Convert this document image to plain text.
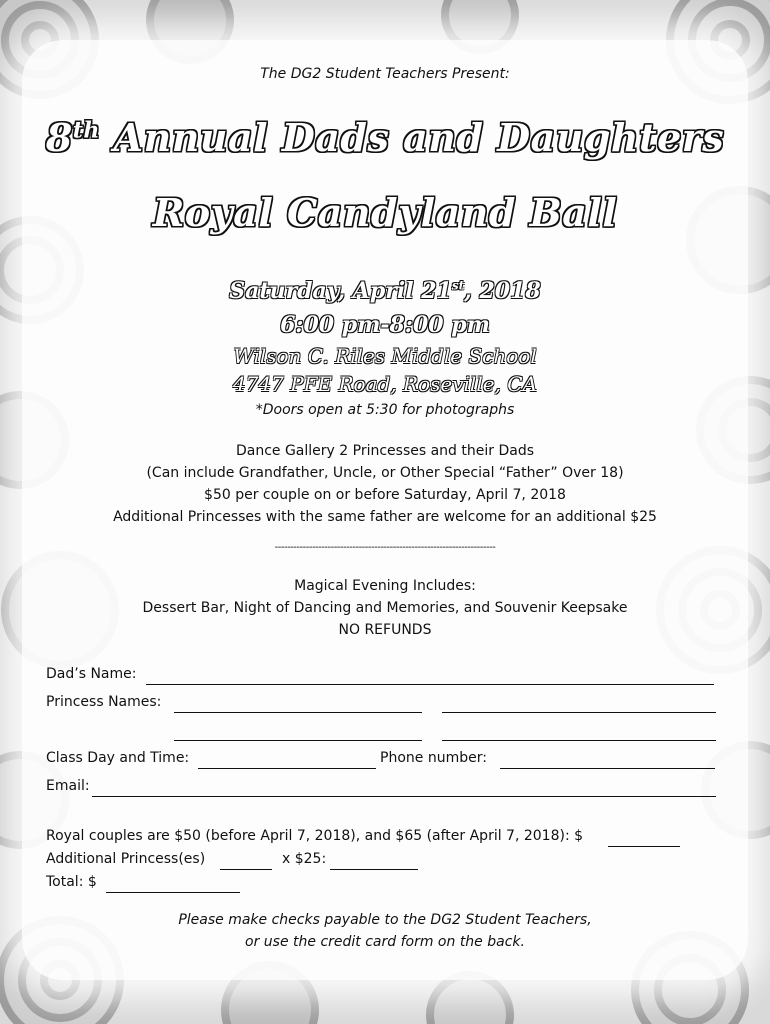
The DG2 Student Teachers Present:
8th Annual Dads and Daughters
Royal Candyland Ball
Saturday, April 21st, 2018
6:00 pm-8:00 pm
Wilson C. Riles Middle School
4747 PFE Road, Roseville, CA
*Doors open at 5:30 for photographs
Dance Gallery 2 Princesses and their Dads
(Can include Grandfather, Uncle, or Other Special “Father” Over 18)
$50 per couple on or before Saturday, April 7, 2018
Additional Princesses with the same father are welcome for an additional $25
-----------------------------------------------------------------------
Magical Evening Includes:
Dessert Bar, Night of Dancing and Memories, and Souvenir Keepsake
NO REFUNDS
Dad’s Name:
Princess Names:
Class Day and Time:	Phone number:
Email:
Royal couples are $50 (before April 7, 2018), and $65 (after April 7, 2018): $
Additional Princess(es)	x $25:
Total: $
Please make checks payable to the DG2 Student Teachers,
or use the credit card form on the back.
